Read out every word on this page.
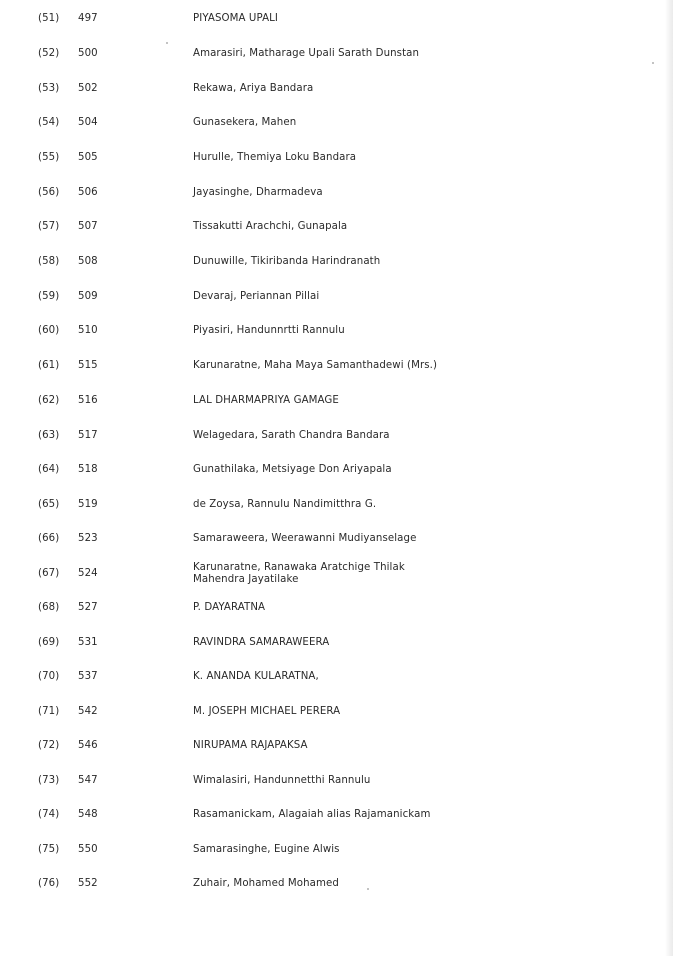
(51) 497	PIYASOMA UPALI
(52) 500	Amarasiri, Matharage Upali Sarath Dunstan
(53) 502	Rekawa, Ariya Bandara
(54) 504	Gunasekera, Mahen
(55) 505	Hurulle, Themiya Loku Bandara
(56) 506	Jayasinghe, Dharmadeva
(57) 507	Tissakutti Arachchi, Gunapala
(58) 508	Dunuwille, Tikiribanda Harindranath
(59) 509	Devaraj, Periannan Pillai
(60) 510	Piyasiri, Handunnrtti Rannulu
(61) 515	Karunaratne, Maha Maya Samanthadewi (Mrs.)
(62) 516	LAL DHARMAPRIYA GAMAGE
(63) 517	Welagedara, Sarath Chandra Bandara
(64) 518	Gunathilaka, Metsiyage Don Ariyapala
(65) 519	de Zoysa, Rannulu Nandimitthra G.
(66) 523	Samaraweera, Weerawanni Mudiyanselage
(67) 524
Karunaratne, Ranawaka Aratchige Thilak Mahendra Jayatilake
(68) 527	P. DAYARATNA
(69) 531	RAVINDRA SAMARAWEERA
(70) 537	K. ANANDA KULARATNA,
(71) 542	M. JOSEPH MICHAEL PERERA
(72) 546	NIRUPAMA RAJAPAKSA
(73) 547	Wimalasiri, Handunnetthi Rannulu
(74) 548	Rasamanickam, Alagaiah alias Rajamanickam
(75) 550	Samarasinghe, Eugine Alwis
(76) 552	Zuhair, Mohamed Mohamed
